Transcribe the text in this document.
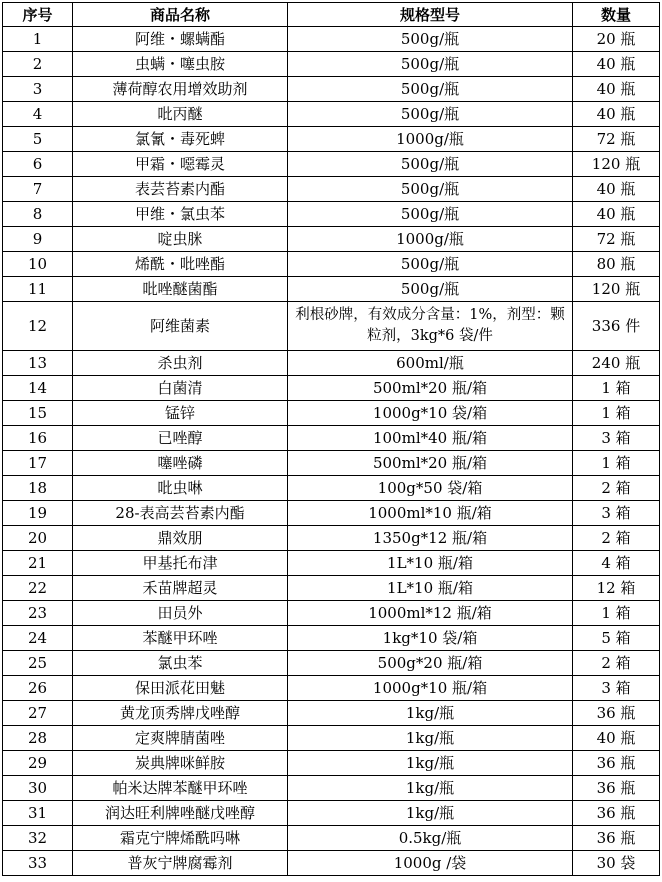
序号	商品名称	规格型号	数量
1	阿维・螺螨酯	500g/瓶	20 瓶
2	虫螨・噻虫胺	500g/瓶	40 瓶
3	薄荷醇农用增效助剂	500g/瓶	40 瓶
4	吡丙醚	500g/瓶	40 瓶
5	氯氰・毒死蜱	1000g/瓶	72 瓶
6	甲霜・噁霉灵	500g/瓶	120 瓶
7	表芸苔素内酯	500g/瓶	40 瓶
8	甲维・氯虫苯	500g/瓶	40 瓶
9	啶虫脒	1000g/瓶	72 瓶
10	烯酰・吡唑酯	500g/瓶	80 瓶
11	吡唑醚菌酯	500g/瓶	120 瓶
12	阿维菌素	利根砂牌，有效成分含量：1%，剂型：颗粒剂，3kg*6 袋/件	336 件
13	杀虫剂	600ml/瓶	240 瓶
14	白菌清	500ml*20 瓶/箱	1 箱
15	锰锌	1000g*10 袋/箱	1 箱
16	已唑醇	100ml*40 瓶/箱	3 箱
17	噻唑磷	500ml*20 瓶/箱	1 箱
18	吡虫啉	100g*50 袋/箱	2 箱
19	28-表高芸苔素内酯	1000ml*10 瓶/箱	3 箱
20	鼎效朋	1350g*12 瓶/箱	2 箱
21	甲基托布津	1L*10 瓶/箱	4 箱
22	禾苗牌超灵	1L*10 瓶/箱	12 箱
23	田员外	1000ml*12 瓶/箱	1 箱
24	苯醚甲环唑	1kg*10 袋/箱	5 箱
25	氯虫苯	500g*20 瓶/箱	2 箱
26	保田派花田魅	1000g*10 瓶/箱	3 箱
27	黄龙顶秀牌戊唑醇	1kg/瓶	36 瓶
28	定爽牌腈菌唑	1kg/瓶	40 瓶
29	炭典牌咪鲜胺	1kg/瓶	36 瓶
30	帕米达牌苯醚甲环唑	1kg/瓶	36 瓶
31	润达旺利牌唑醚戊唑醇	1kg/瓶	36 瓶
32	霜克宁牌烯酰吗啉	0.5kg/瓶	36 瓶
33	普灰宁牌腐霉剂	1000g /袋	30 袋
